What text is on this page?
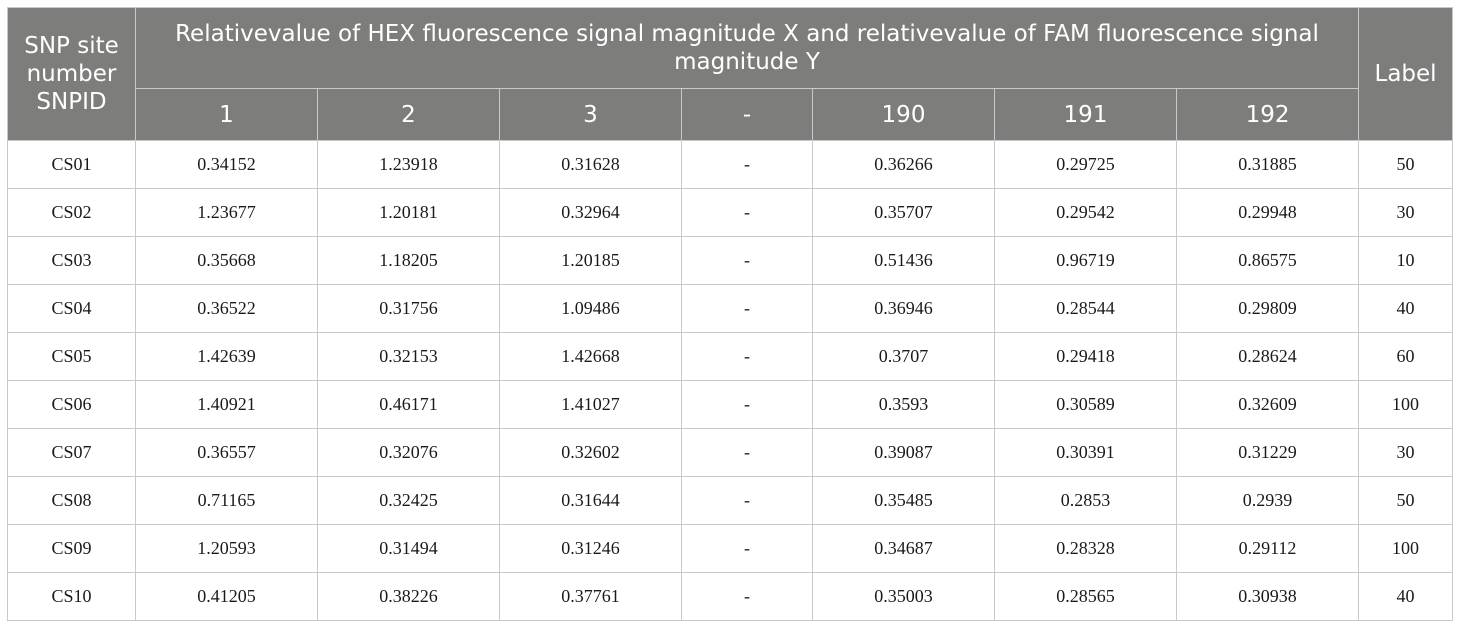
SNP site number SNPID	Relativevalue of HEX fluorescence signal magnitude X and relativevalue of FAM fluorescence signal magnitude Y							Label
	1	2	3	-	190	191	192	
CS01	0.34152	1.23918	0.31628	-	0.36266	0.29725	0.31885	50
CS02	1.23677	1.20181	0.32964	-	0.35707	0.29542	0.29948	30
CS03	0.35668	1.18205	1.20185	-	0.51436	0.96719	0.86575	10
CS04	0.36522	0.31756	1.09486	-	0.36946	0.28544	0.29809	40
CS05	1.42639	0.32153	1.42668	-	0.3707	0.29418	0.28624	60
CS06	1.40921	0.46171	1.41027	-	0.3593	0.30589	0.32609	100
CS07	0.36557	0.32076	0.32602	-	0.39087	0.30391	0.31229	30
CS08	0.71165	0.32425	0.31644	-	0.35485	0.2853	0.2939	50
CS09	1.20593	0.31494	0.31246	-	0.34687	0.28328	0.29112	100
CS10	0.41205	0.38226	0.37761	-	0.35003	0.28565	0.30938	40
